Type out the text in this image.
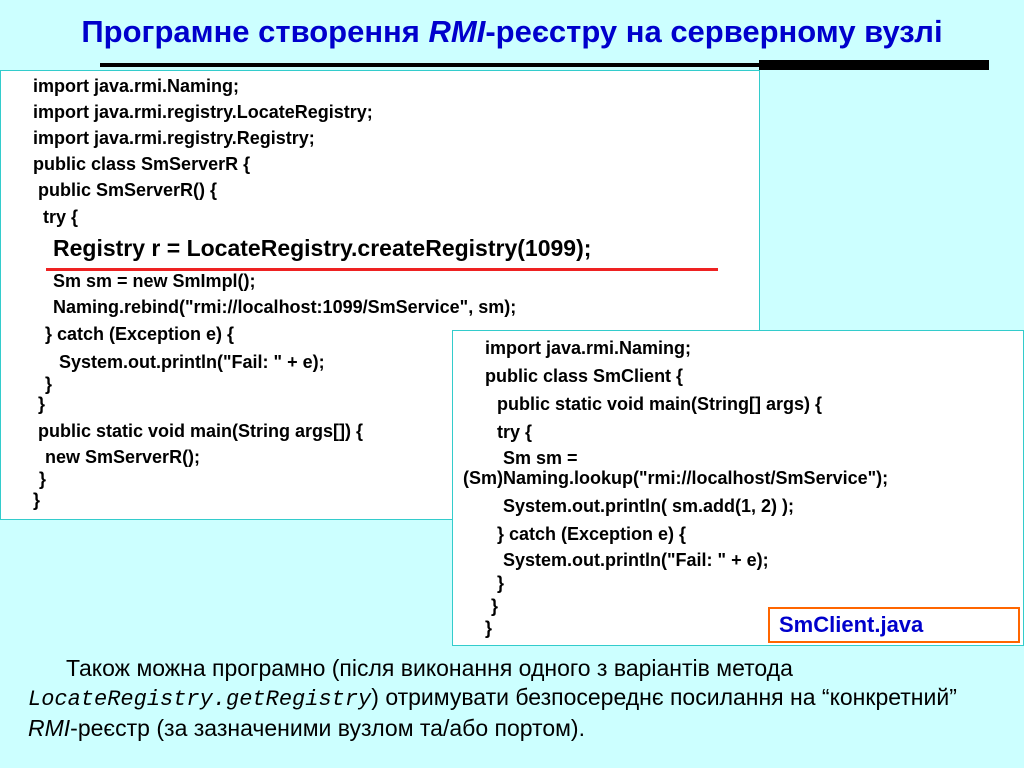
Програмне створення RMI-реєстру на серверному вузлі
import java.rmi.Naming;
import java.rmi.registry.LocateRegistry;
import java.rmi.registry.Registry;
public class SmServerR {
public SmServerR() {
try {
Registry r = LocateRegistry.createRegistry(1099);
Sm sm = new SmImpl();
Naming.rebind("rmi://localhost:1099/SmService", sm);
} catch (Exception e) {
System.out.println("Fail: " + e);
}
}
public static void main(String args[]) {
new SmServerR();
}
}
import java.rmi.Naming;
public class SmClient {
public static void main(String[] args) {
try {
Sm sm =
(Sm)Naming.lookup("rmi://localhost/SmService");
System.out.println( sm.add(1, 2) );
} catch (Exception e) {
System.out.println("Fail: " + e);
}
}
}	SmClient.java
Також можна програмно (після виконання одного з варіантів метода LocateRegistry.getRegistry) отримувати безпосереднє посилання на “конкретний” RMI-реєстр (за зазначеними вузлом та/або портом).
